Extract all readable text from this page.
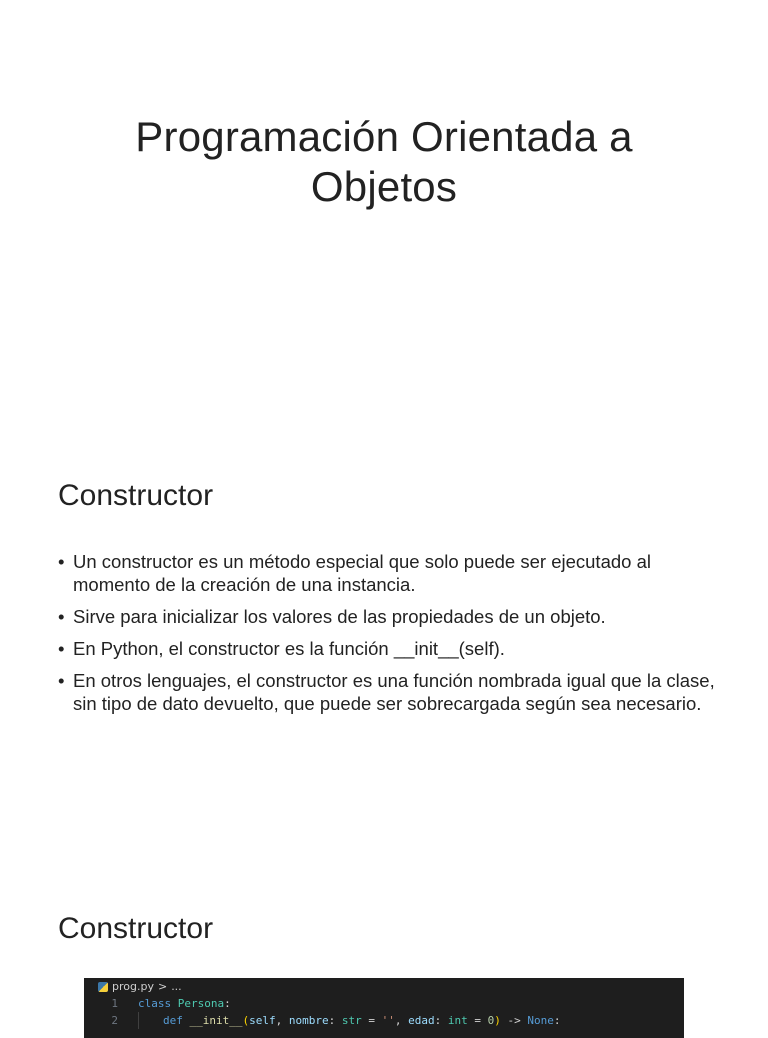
Programación Orientada a Objetos
Constructor
• Un constructor es un método especial que solo puede ser ejecutado al momento de la creación de una instancia.
• Sirve para inicializar los valores de las propiedades de un objeto.
• En Python, el constructor es la función __init__(self).
• En otros lenguajes, el constructor es una función nombrada igual que la clase, sin tipo de dato devuelto, que puede ser sobrecargada según sea necesario.
Constructor
prog.py > ...
1	class
Persona :
2	def
__init__ ( self , nombre : str = '' , edad : int = 0 ) -> None :
